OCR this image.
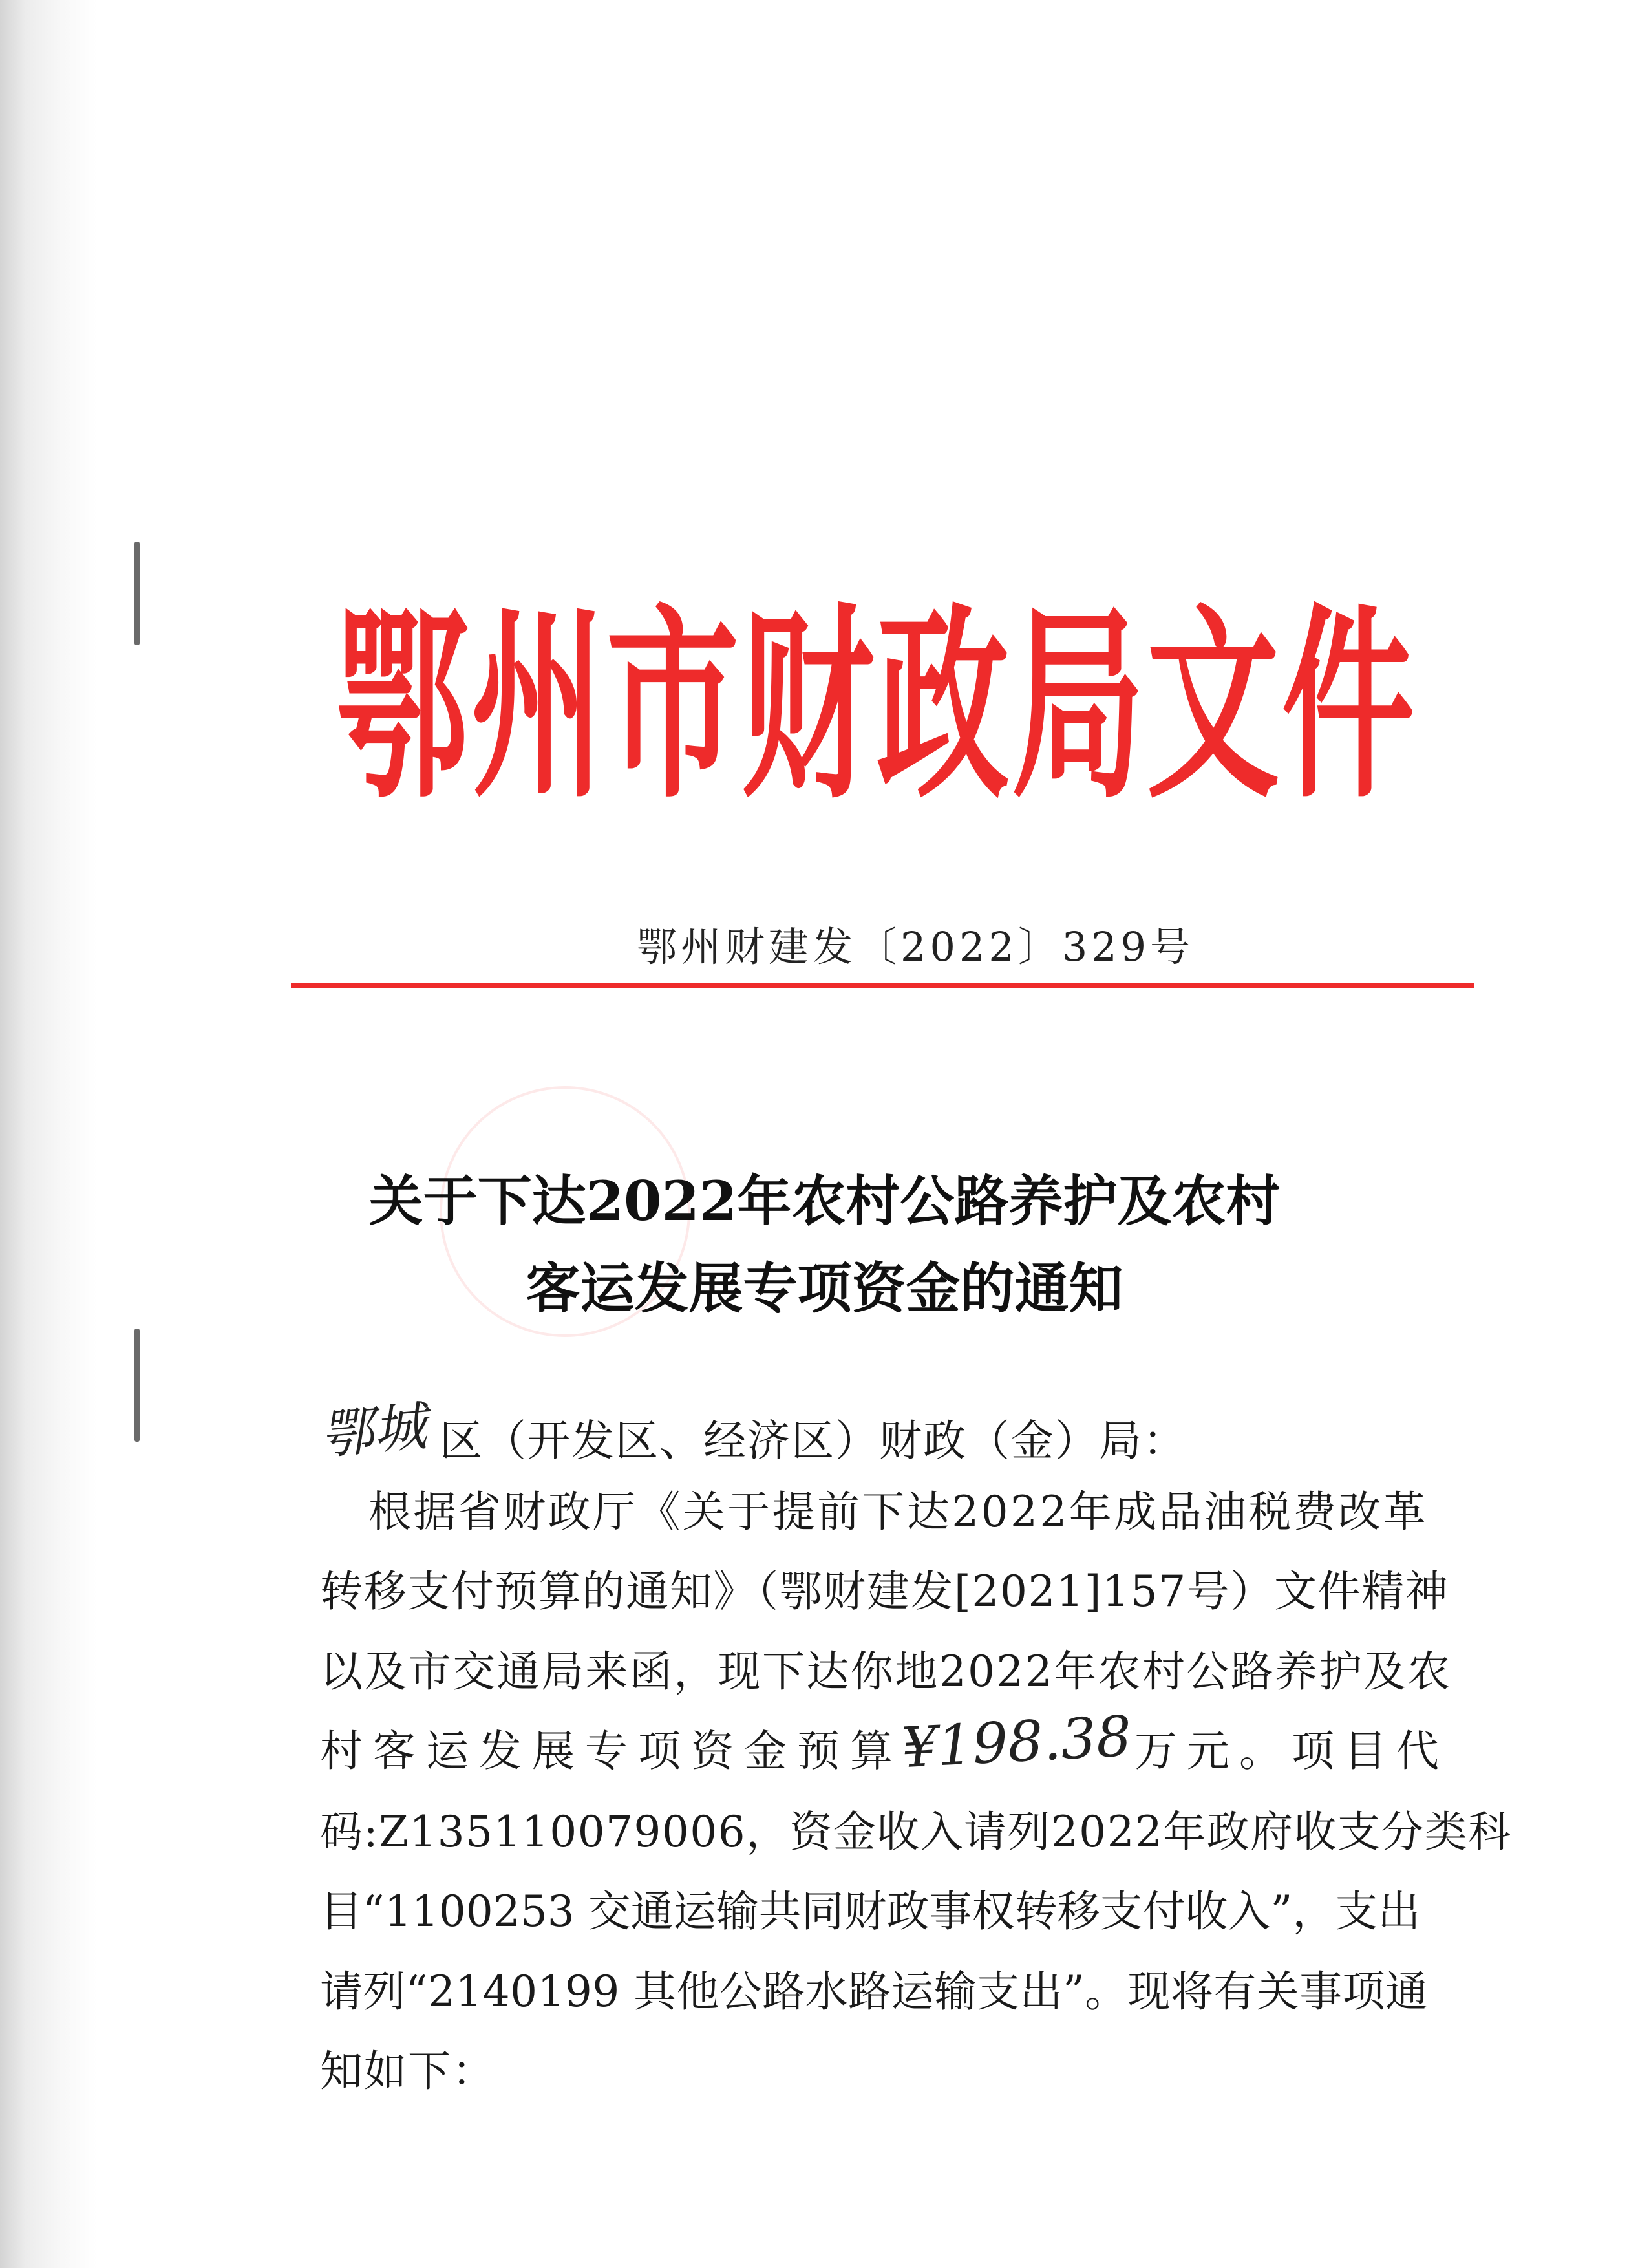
鄂州市财政局文件
鄂州财建发〔2022〕329号
关于下达2022年农村公路养护及农村
客运发展专项资金的通知
鄂城 区（开发区、经济区）财政（金）局：
根据省财政厅《关于提前下达2022年成品油税费改革
转移支付预算的通知》（鄂财建发[2021]157号）文件精神
以及市交通局来函，现下达你地2022年农村公路养护及农
村客运发展专项资金预算
¥198.38 万元。项目代
码:Z135110079006，资金收入请列2022年政府收支分类科
目“1100253 交通运输共同财政事权转移支付收入”，支出
请列“2140199 其他公路水路运输支出”。现将有关事项通
知如下：
